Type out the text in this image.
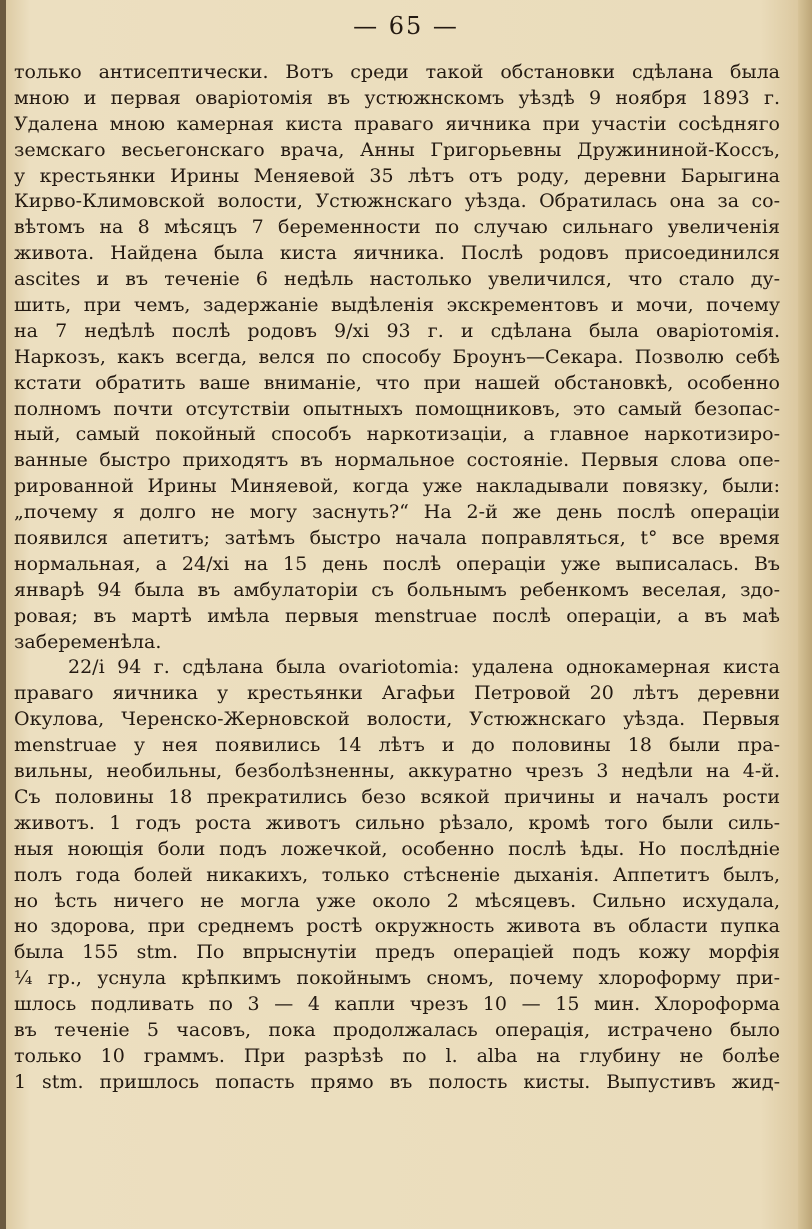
— 65 —
только антисептически. Вотъ среди такой обстановки сдѣлана была
мною и первая оваріотомія въ устюжнскомъ уѣздѣ 9 ноября 1893 г.
Удалена мною камерная киста праваго яичника при участіи сосѣдняго
земскаго весьегонскаго врача, Анны Григорьевны Дружининой-Коссъ,
у крестьянки Ирины Меняевой 35 лѣтъ отъ роду, деревни Барыгина
Кирво-Климовской волости, Устюжнскаго уѣзда. Обратилась она за со-
вѣтомъ на 8 мѣсяцъ 7 беременности по случаю сильнаго увеличенія
живота. Найдена была киста яичника. Послѣ родовъ присоединился
ascites и въ теченіе 6 недѣль настолько увеличился, что стало ду-
шить, при чемъ, задержаніе выдѣленія экскрементовъ и мочи, почему
на 7 недѣлѣ послѣ родовъ 9/xi 93 г. и сдѣлана была оваріотомія.
Наркозъ, какъ всегда, велся по способу Броунъ—Секара. Позволю себѣ
кстати обратить ваше вниманіе, что при нашей обстановкѣ, особенно
полномъ почти отсутствіи опытныхъ помощниковъ, это самый безопас-
ный, самый покойный способъ наркотизаціи, а главное наркотизиро-
ванные быстро приходятъ въ нормальное состояніе. Первыя слова опе-
рированной Ирины Миняевой, когда уже накладывали повязку, были:
„почему я долго не могу заснуть?“ На 2-й же день послѣ операціи
появился апетитъ; затѣмъ быстро начала поправляться, t° все время
нормальная, а 24/xi на 15 день послѣ операціи уже выписалась. Въ
январѣ 94 была въ амбулаторіи съ больнымъ ребенкомъ веселая, здо-
ровая; въ мартѣ имѣла первыя menstruae послѣ операціи, а въ маѣ
забеременѣла.
22/i 94 г. сдѣлана была ovariotomia: удалена однокамерная киста
праваго яичника у крестьянки Агафьи Петровой 20 лѣтъ деревни
Окулова, Черенско-Жерновской волости, Устюжнскаго уѣзда. Первыя
menstruae у нея появились 14 лѣтъ и до половины 18 были пра-
вильны, необильны, безболѣзненны, аккуратно чрезъ 3 недѣли на 4-й.
Съ половины 18 прекратились безо всякой причины и началъ рости
животъ. 1 годъ роста животъ сильно рѣзало, кромѣ того были силь-
ныя ноющія боли подъ ложечкой, особенно послѣ ѣды. Но послѣдніе
полъ года болей никакихъ, только стѣсненіе дыханія. Аппетитъ былъ,
но ѣсть ничего не могла уже около 2 мѣсяцевъ. Сильно исхудала,
но здорова, при среднемъ ростѣ окружность живота въ области пупка
была 155 stm. По впрыснутіи предъ операціей подъ кожу морфія
¼ гр., уснула крѣпкимъ покойнымъ сномъ, почему хлороформу при-
шлось подливать по 3 — 4 капли чрезъ 10 — 15 мин. Хлороформа
въ теченіе 5 часовъ, пока продолжалась операція, истрачено было
только 10 граммъ. При разрѣзѣ по l. alba на глубину не болѣе
1 stm. пришлось попасть прямо въ полость кисты. Выпустивъ жид-
